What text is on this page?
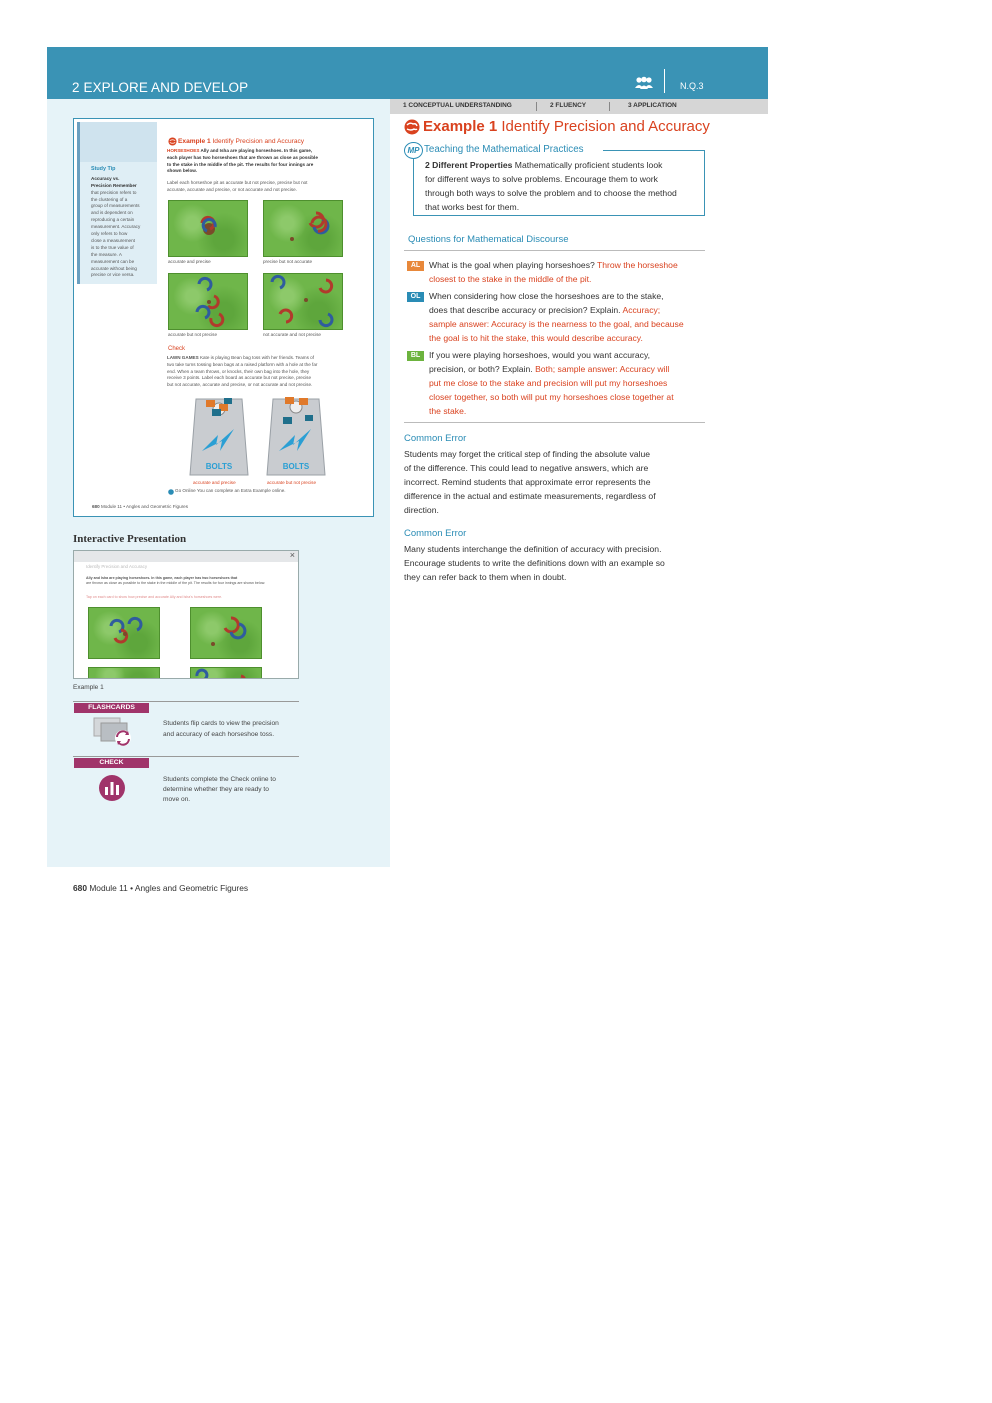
2 EXPLORE AND DEVELOP	N.Q.3
1 CONCEPTUAL UNDERSTANDING	2 FLUENCY	3 APPLICATION
Example 1 Identify Precision and Accuracy
HORSESHOES Ally and Isha are playing horseshoes. In this game,
each player has two horseshoes that are thrown as close as possible
to the stake in the middle of the pit. The results for four innings are
shown below.
Label each horseshoe pit as accurate but not precise, precise but not
accurate, accurate and precise, or not accurate and not precise.
Study Tip
Accuracy vs.
Precision Remember
that precision refers to
the clustering of a
group of measurements
and is dependent on
reproducing a certain
measurement. Accuracy
only refers to how
close a measurement
is to the true value of
the measure. A
measurement can be
accurate without being
precise or vice versa.
accurate and precise	precise but not accurate
accurate but not precise	not accurate and not precise
Check
LAWN GAMES Kate is playing Bean bag toss with her friends. Teams of
two take turns tossing bean bags at a raised platform with a hole at the far
end. When a team throws, or knocks, their own bag into the hole, they
receive 3 points. Label each board as accurate but not precise, precise
but not accurate, accurate and precise, or not accurate and not precise.
BOLTS	BOLTS
accurate and precise	accurate but not precise
Go Online You can complete an Extra Example online.
680 Module 11 • Angles and Geometric Figures
Example 1 Identify Precision and Accuracy
MP Teaching the Mathematical Practices
2 Different Properties Mathematically proficient students look
for different ways to solve problems. Encourage them to work
through both ways to solve the problem and to choose the method
that works best for them.
Questions for Mathematical Discourse
AL	What is the goal when playing horseshoes? Throw the horseshoe
closest to the stake in the middle of the pit.
OL	When considering how close the horseshoes are to the stake,
does that describe accuracy or precision? Explain. Accuracy;
sample answer: Accuracy is the nearness to the goal, and because
the goal is to hit the stake, this would describe accuracy.
BL	If you were playing horseshoes, would you want accuracy,
precision, or both? Explain. Both; sample answer: Accuracy will
put me close to the stake and precision will put my horseshoes
closer together, so both will put my horseshoes close together at
the stake.
Common Error
Students may forget the critical step of finding the absolute value
of the difference. This could lead to negative answers, which are
incorrect. Remind students that approximate error represents the
difference in the actual and estimate measurements, regardless of
direction.
Common Error
Many students interchange the definition of accuracy with precision.
Encourage students to write the definitions down with an example so
they can refer back to them when in doubt.
Interactive Presentation
×
Identify Precision and Accuracy
Ally and Isha are playing horseshoes. In this game, each player has two horseshoes that
are thrown as close as possible to the stake in the middle of the pit. The results for four innings are shown below.
Tap on each card to show how precise and accurate Ally and Isha's horseshoes were.
Example 1
FLASHCARDS
Students flip cards to view the precision
and accuracy of each horseshoe toss.
CHECK
Students complete the Check online to
determine whether they are ready to
move on.
680 Module 11 • Angles and Geometric Figures
